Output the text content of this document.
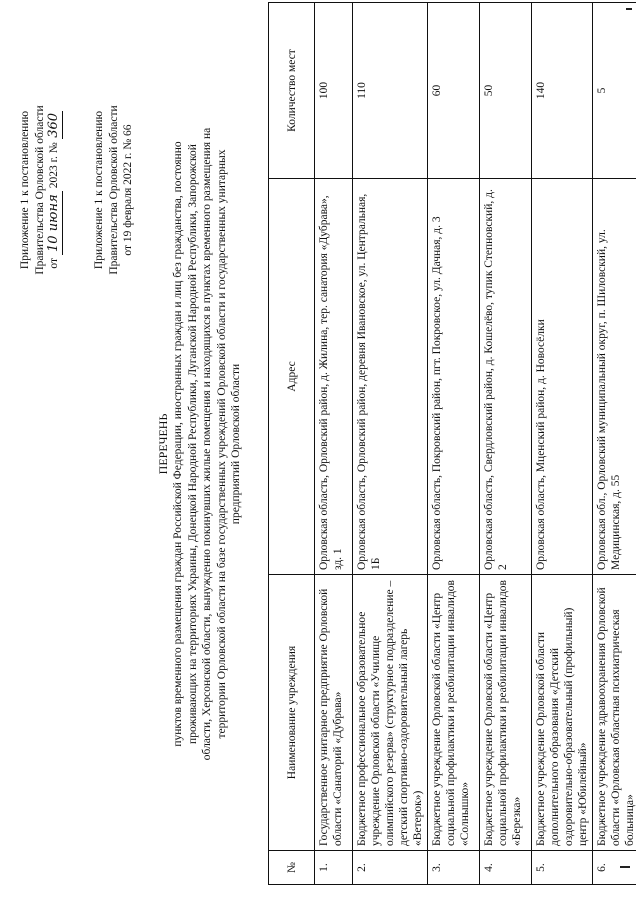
Приложение 1 к постановлению Правительства Орловской области от 10 июня 2023 г. № 360	Приложение 1 к постановлению Правительства Орловской области от 19 февраля 2022 г. № 66
ПЕРЕЧЕНЬ пунктов временного размещения граждан Российской Федерации, иностранных граждан и лиц без гражданства, постоянно проживающих на территориях Украины, Донецкой Народной Республики, Луганской Народной Республики, Запорожской области, Херсонской области, вынужденно покинувших жилые помещения и находящихся в пунктах временного размещения на территории Орловской области на базе государственных учреждений Орловской области и государственных унитарных предприятий Орловской области
№	Наименование учреждения	Адрес	Количество мест
1.	Государственное унитарное предприятие Орловской области «Санаторий «Дубрава»	Орловская область, Орловский район, д. Жилина, тер. санатория «Дубрава», зд. 1	100
2.	Бюджетное профессиональное образовательное учреждение Орловской области «Училище олимпийского резерва» (структурное подразделение – детский спортивно-оздоровительный лагерь «Ветерок»)	Орловская область, Орловский район, деревня Ивановское, ул. Центральная, 1Б	110
3.	Бюджетное учреждение Орловской области «Центр социальной профилактики и реабилитации инвалидов «Солнышко»	Орловская область, Покровский район, пгт. Покровское, ул. Дачная, д. 3	60
4.	Бюджетное учреждение Орловской области «Центр социальной профилактики и реабилитации инвалидов «Березка»	Орловская область, Свердловский район, д. Кошелёво, тупик Степновский, д. 2	50
5.	Бюджетное учреждение Орловской области дополнительного образования «Детский оздоровительно-образовательный (профильный) центр «Юбилейный»	Орловская область, Мценский район, д. Новосёлки	140
6.	Бюджетное учреждение здравоохранения Орловской области «Орловская областная психиатрическая больница»	Орловская обл., Орловский муниципальный округ, п. Шиловский, ул. Медицинская, д. 55	5
